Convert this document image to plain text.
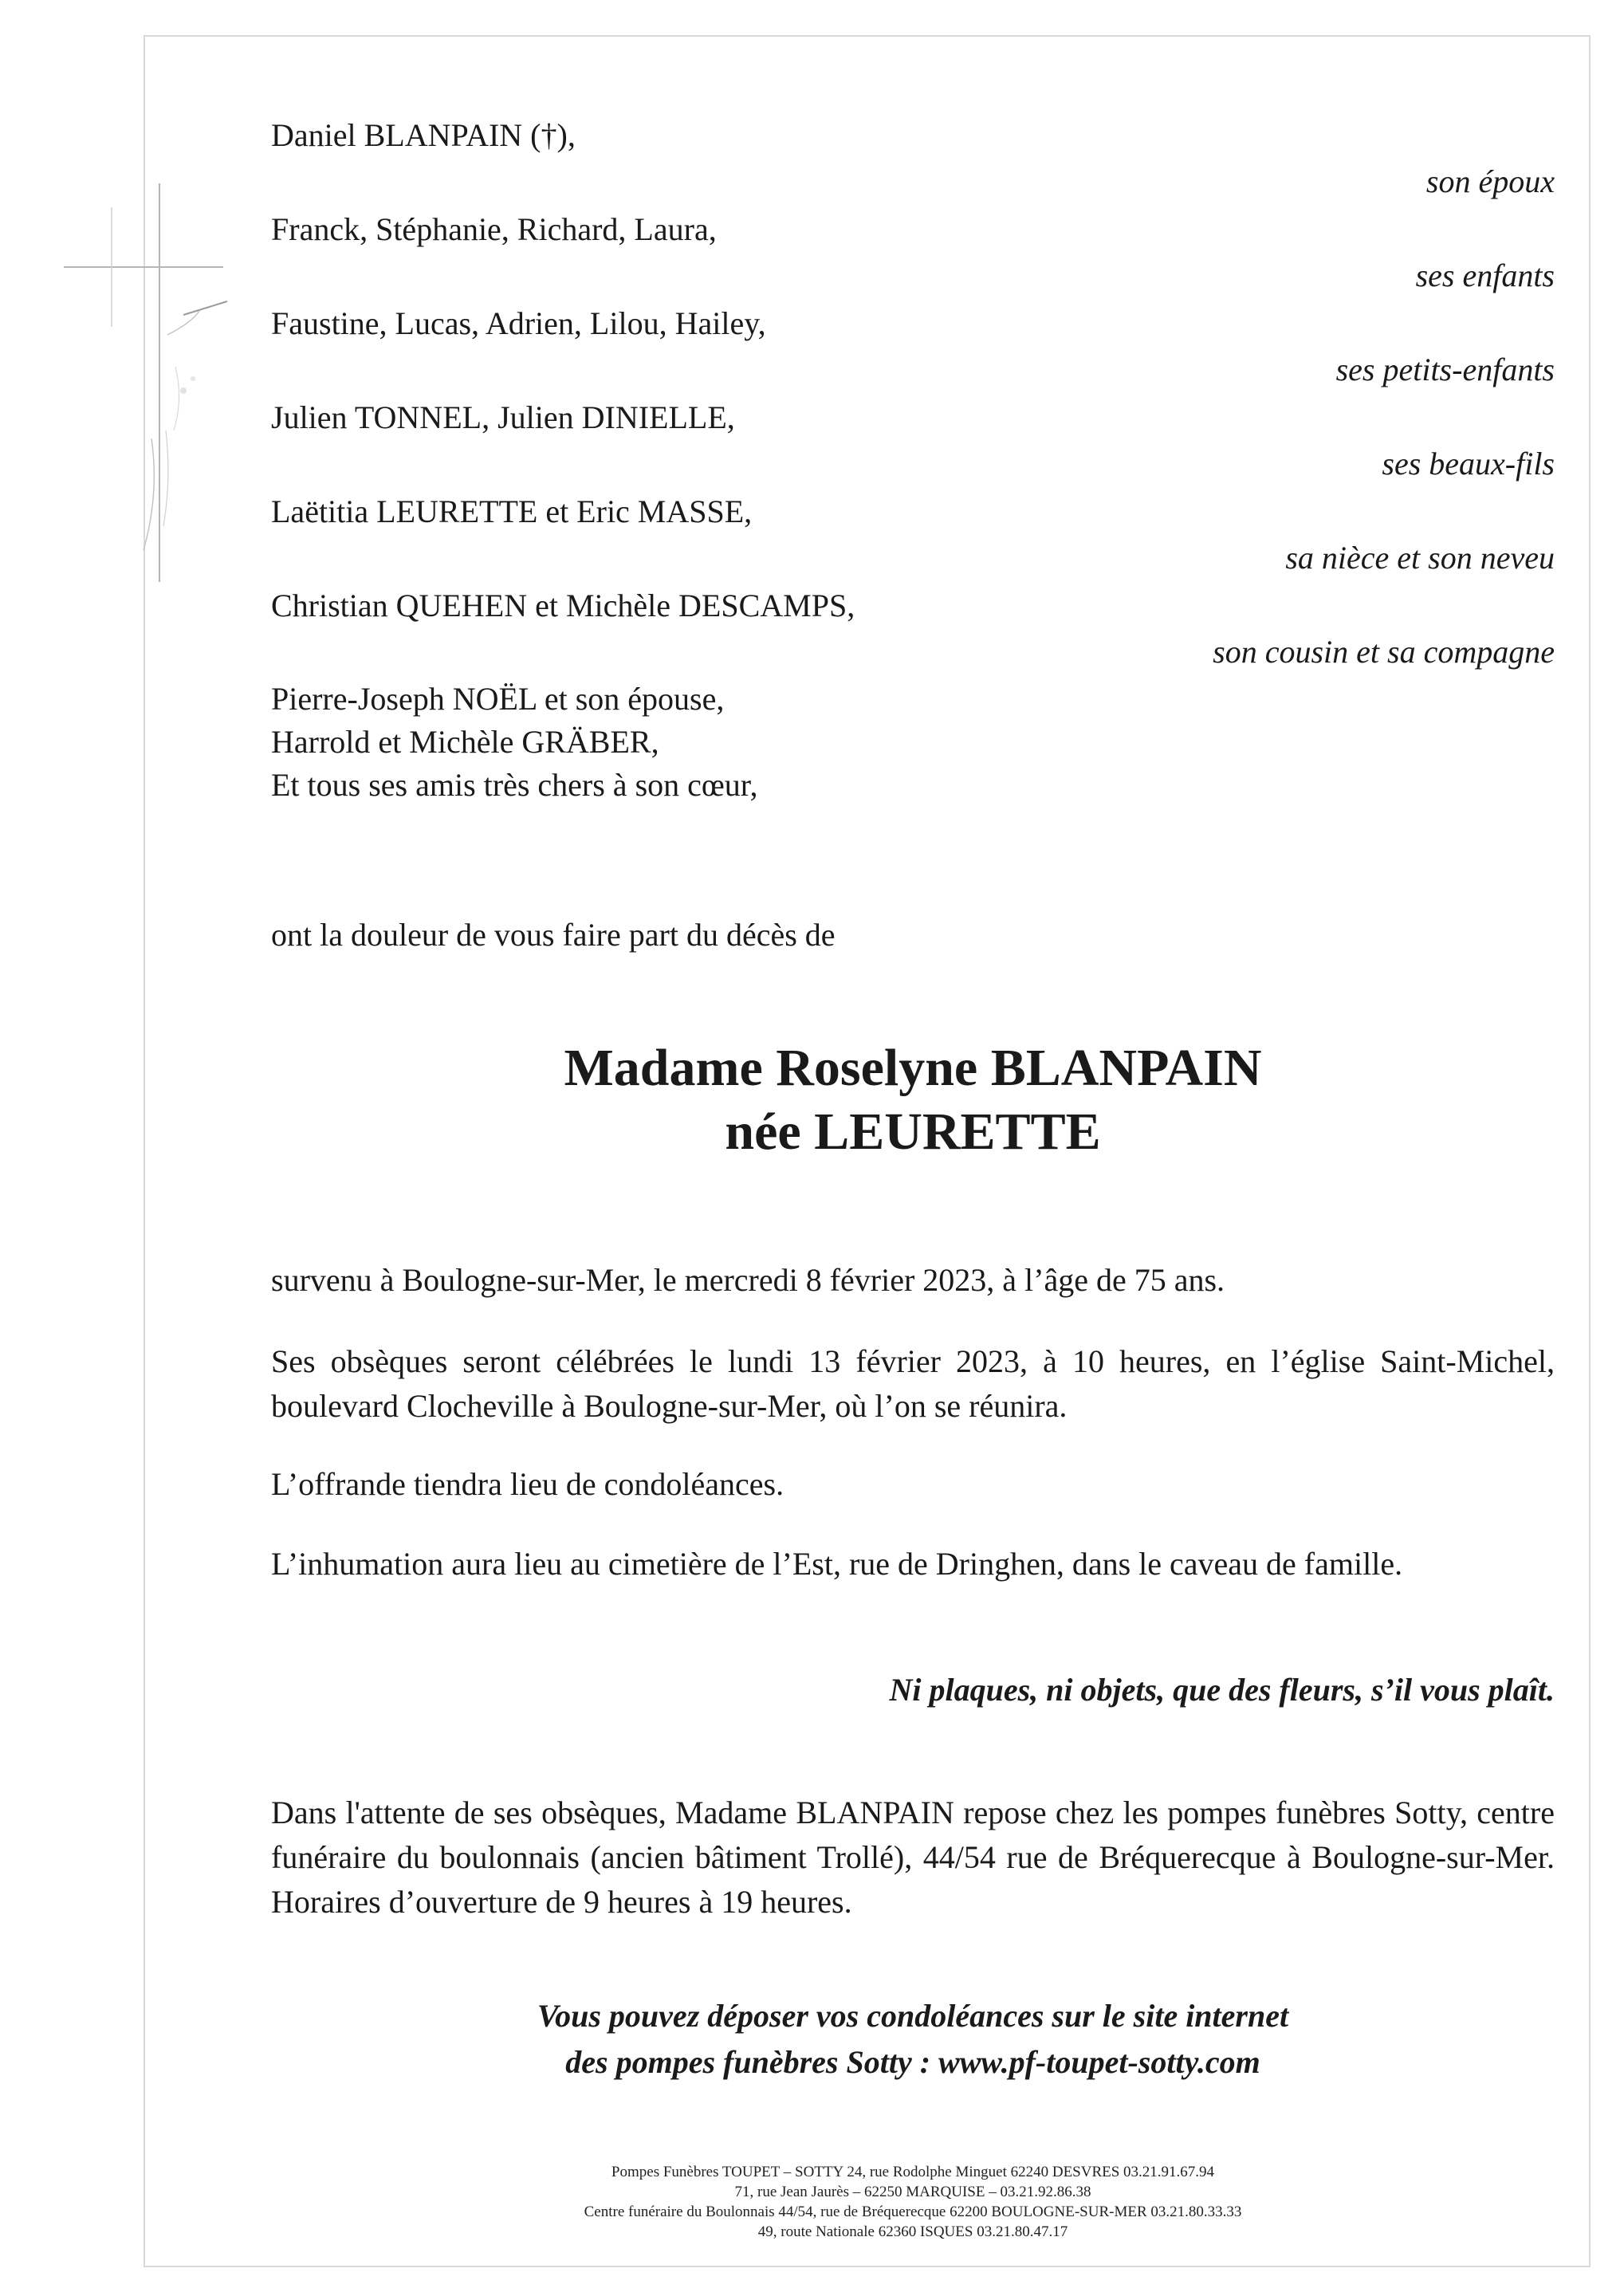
Daniel BLANPAIN (†),
son époux
Franck, Stéphanie, Richard, Laura,
ses enfants
Faustine, Lucas, Adrien, Lilou, Hailey,
ses petits-enfants
Julien TONNEL, Julien DINIELLE,
ses beaux-fils
Laëtitia LEURETTE et Eric MASSE,
sa nièce et son neveu
Christian QUEHEN et Michèle DESCAMPS,
son cousin et sa compagne
Pierre-Joseph NOËL et son épouse,
Harrold et Michèle GRÄBER,
Et tous ses amis très chers à son cœur,
ont la douleur de vous faire part du décès de
Madame Roselyne BLANPAIN
née LEURETTE
survenu à Boulogne-sur-Mer, le mercredi 8 février 2023, à l’âge de 75 ans.
Ses obsèques seront célébrées le lundi 13 février 2023, à 10 heures, en l’église Saint-Michel, boulevard Clocheville à Boulogne-sur-Mer, où l’on se réunira.
L’offrande tiendra lieu de condoléances.
L’inhumation aura lieu au cimetière de l’Est, rue de Dringhen, dans le caveau de famille.
Ni plaques, ni objets, que des fleurs, s’il vous plaît.
Dans l'attente de ses obsèques, Madame BLANPAIN repose chez les pompes funèbres Sotty, centre funéraire du boulonnais (ancien bâtiment Trollé), 44/54 rue de Bréquerecque à Boulogne-sur-Mer. Horaires d’ouverture de 9 heures à 19 heures.
Vous pouvez déposer vos condoléances sur le site internet
des pompes funèbres Sotty : www.pf-toupet-sotty.com
Pompes Funèbres TOUPET – SOTTY 24, rue Rodolphe Minguet 62240 DESVRES 03.21.91.67.94
71, rue Jean Jaurès – 62250 MARQUISE – 03.21.92.86.38
Centre funéraire du Boulonnais 44/54, rue de Bréquerecque 62200 BOULOGNE-SUR-MER 03.21.80.33.33
49, route Nationale 62360 ISQUES 03.21.80.47.17
